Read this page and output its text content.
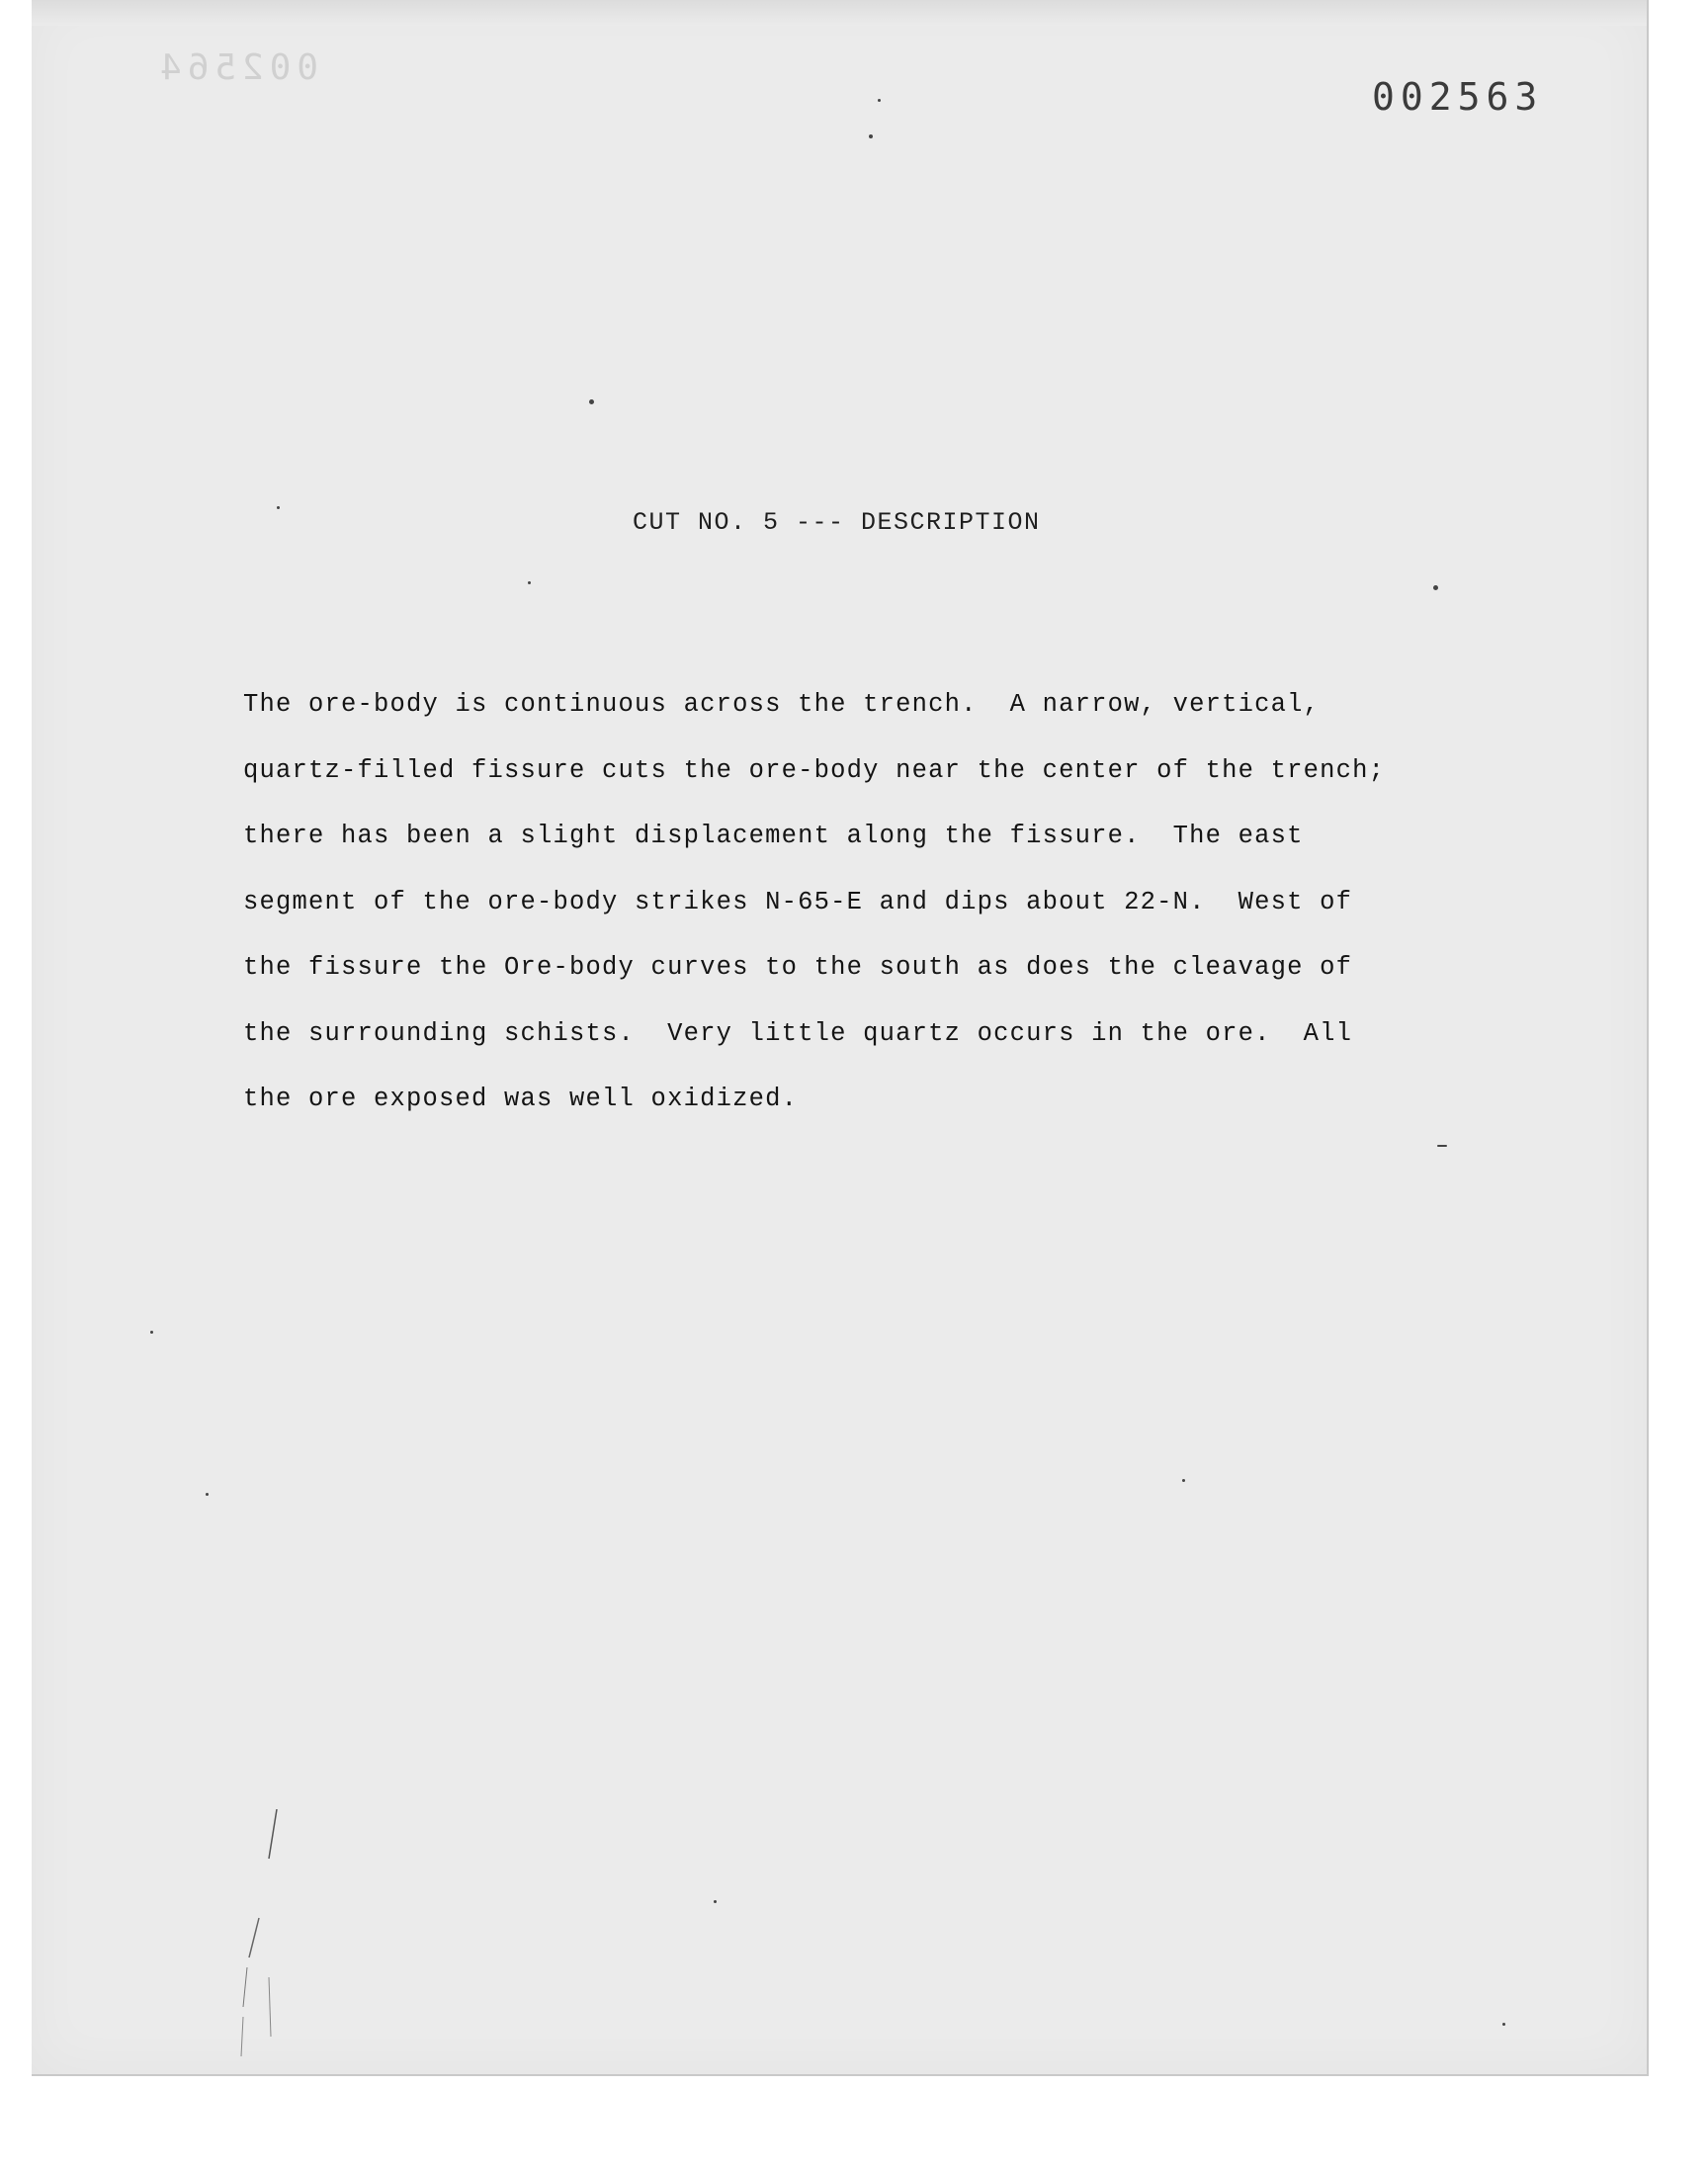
002564
002563
CUT NO. 5 --- DESCRIPTION
The ore-body is continuous across the trench.  A narrow, vertical,
quartz-filled fissure cuts the ore-body near the center of the trench;
there has been a slight displacement along the fissure.  The east
segment of the ore-body strikes N-65-E and dips about 22-N.  West of
the fissure the Ore-body curves to the south as does the cleavage of
the surrounding schists.  Very little quartz occurs in the ore.  All
the ore exposed was well oxidized.
